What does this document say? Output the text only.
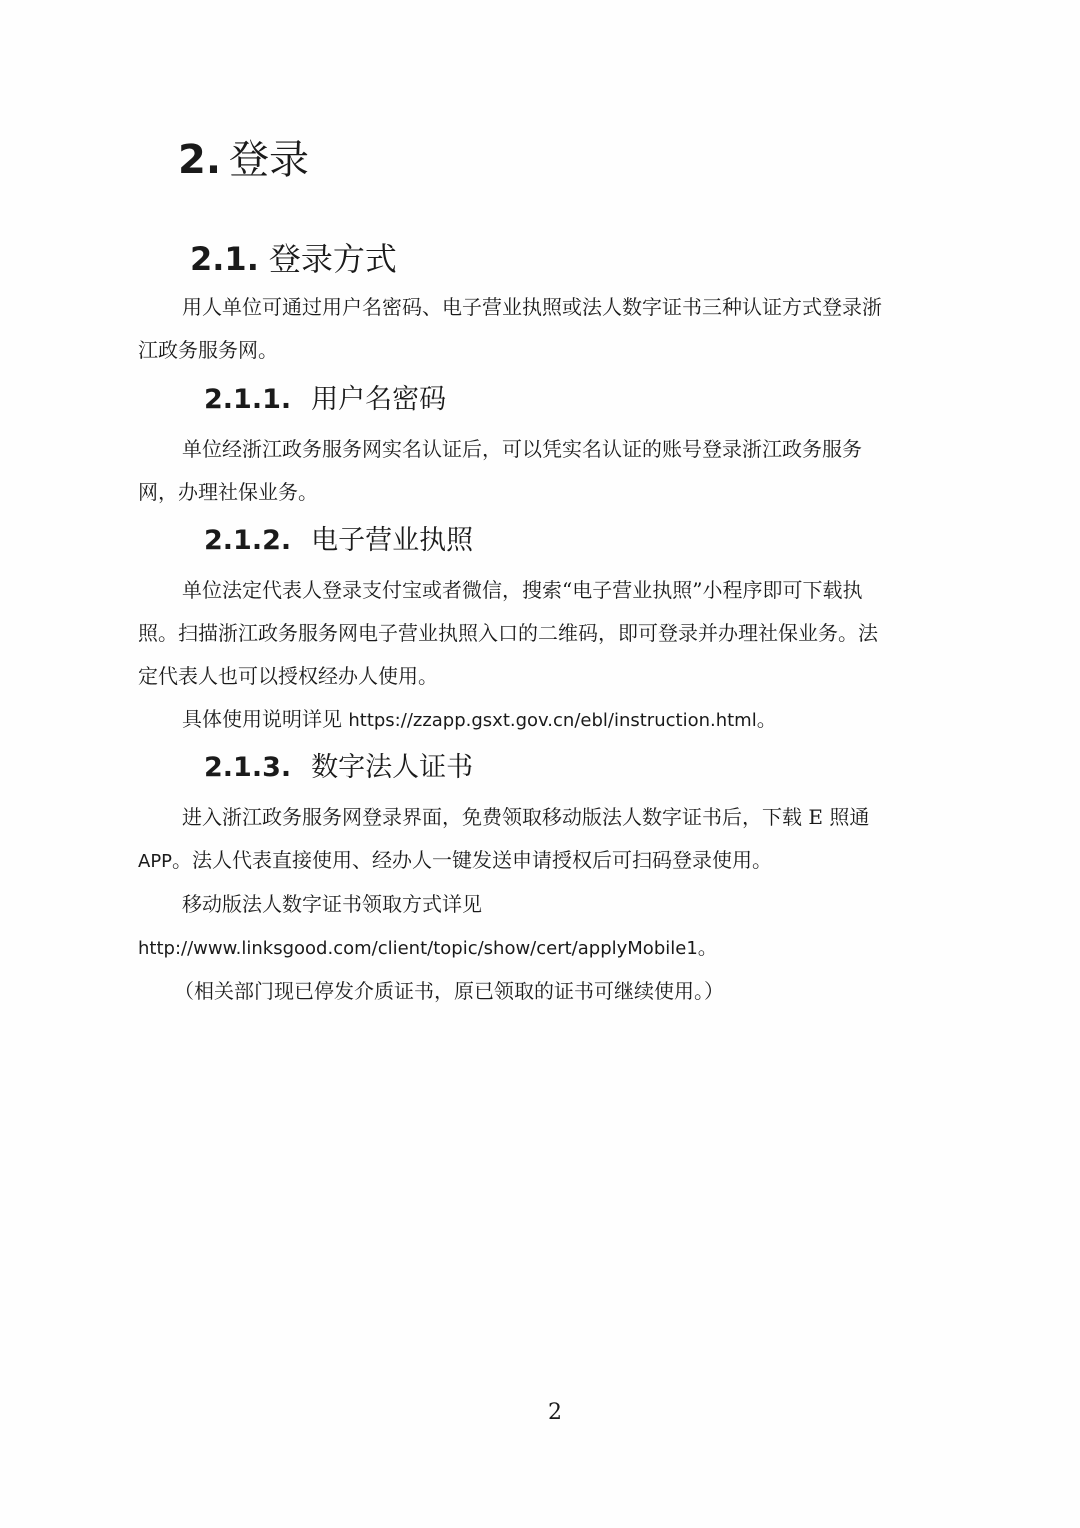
2. 登录
2.1. 登录方式
用人单位可通过用户名密码、电子营业执照或法人数字证书三种认证方式登录浙
江政务服务网。
2.1.1. 用户名密码
单位经浙江政务服务网实名认证后，可以凭实名认证的账号登录浙江政务服务
网，办理社保业务。
2.1.2. 电子营业执照
单位法定代表人登录支付宝或者微信，搜索“电子营业执照”小程序即可下载执
照。扫描浙江政务服务网电子营业执照入口的二维码，即可登录并办理社保业务。法
定代表人也可以授权经办人使用。
具体使用说明详见 https://zzapp.gsxt.gov.cn/ebl/instruction.html。
2.1.3. 数字法人证书
进入浙江政务服务网登录界面，免费领取移动版法人数字证书后，下载 E 照通
APP。法人代表直接使用、经办人一键发送申请授权后可扫码登录使用。
移动版法人数字证书领取方式详见
http://www.linksgood.com/client/topic/show/cert/applyMobile1。
（相关部门现已停发介质证书，原已领取的证书可继续使用。）
2
